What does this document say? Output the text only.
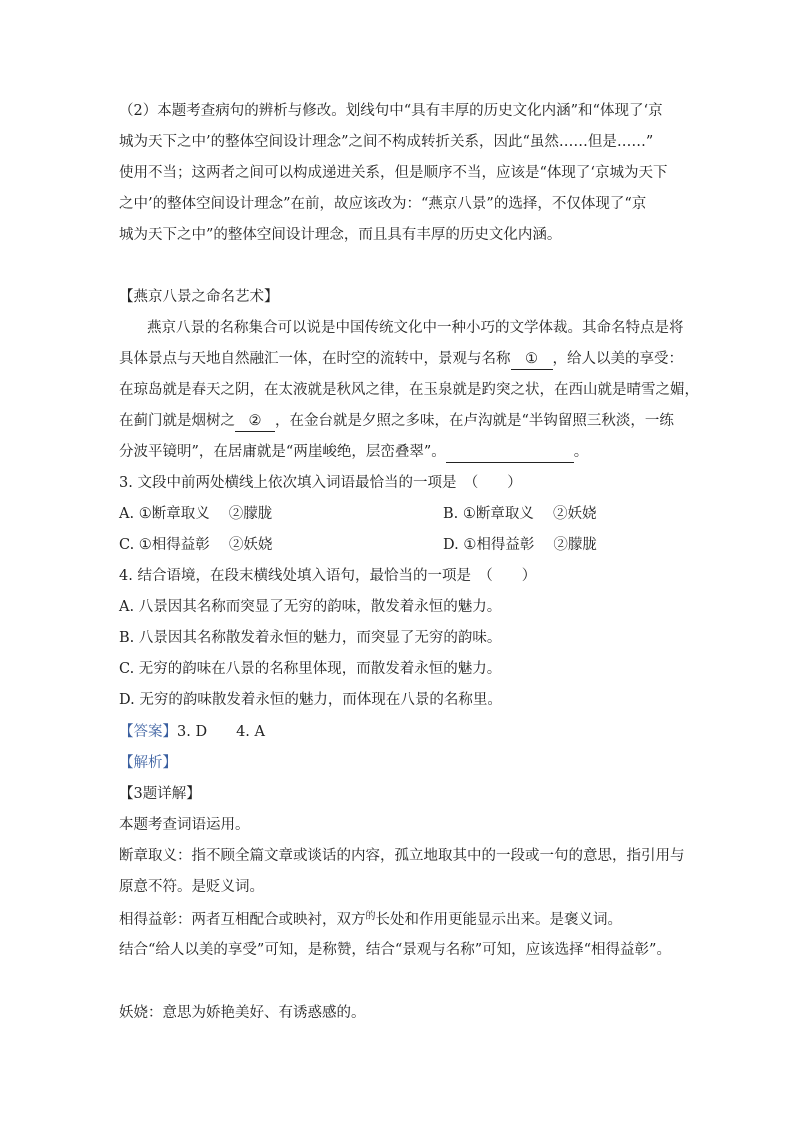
（2）本题考查病句的辨析与修改。划线句中“具有丰厚的历史文化内涵”和“体现了‘京
城为天下之中’的整体空间设计理念”之间不构成转折关系，因此“虽然……但是……”
使用不当；这两者之间可以构成递进关系，但是顺序不当，应该是“体现了‘京城为天下
之中’的整体空间设计理念”在前，故应该改为：“燕京八景”的选择，不仅体现了“京
城为天下之中”的整体空间设计理念，而且具有丰厚的历史文化内涵。
【燕京八景之命名艺术】
燕京八景的名称集合可以说是中国传统文化中一种小巧的文学体裁。其命名特点是将
具体景点与天地自然融汇一体，在时空的流转中，景观与名称 ① ，给人以美的享受：
在琼岛就是春天之阴，在太液就是秋风之律，在玉泉就是趵突之状，在西山就是晴雪之媚，
在蓟门就是烟树之 ② ，在金台就是夕照之多味，在卢沟就是“半钩留照三秋淡，一练
分波平镜明”，在居庸就是“两崖峻绝，层峦叠翠”。	。
3. 文段中前两处横线上依次填入词语最恰当的一项是　（　　）
A. ①断章取义　 ②朦胧	B. ①断章取义　 ②妖娆
C. ①相得益彰　 ②妖娆	D. ①相得益彰　 ②朦胧
4. 结合语境，在段末横线处填入语句，最恰当的一项是　（　　）
A. 八景因其名称而突显了无穷的韵味，散发着永恒的魅力。
B. 八景因其名称散发着永恒的魅力，而突显了无穷的韵味。
C. 无穷的韵味在八景的名称里体现，而散发着永恒的魅力。
D. 无穷的韵味散发着永恒的魅力，而体现在八景的名称里。
【答案】3. D　　4. A
【解析】
【3题详解】
本题考查词语运用。
断章取义：指不顾全篇文章或谈话的内容，孤立地取其中的一段或一句的意思，指引用与
原意不符。是贬义词。
相得益彰：两者互相配合或映衬，双方$^的$长处和作用更能显示出来。是褒义词。
结合“给人以美的享受”可知，是称赞，结合“景观与名称”可知，应该选择“相得益彰”。
妖娆：意思为娇艳美好、有诱惑感的。
